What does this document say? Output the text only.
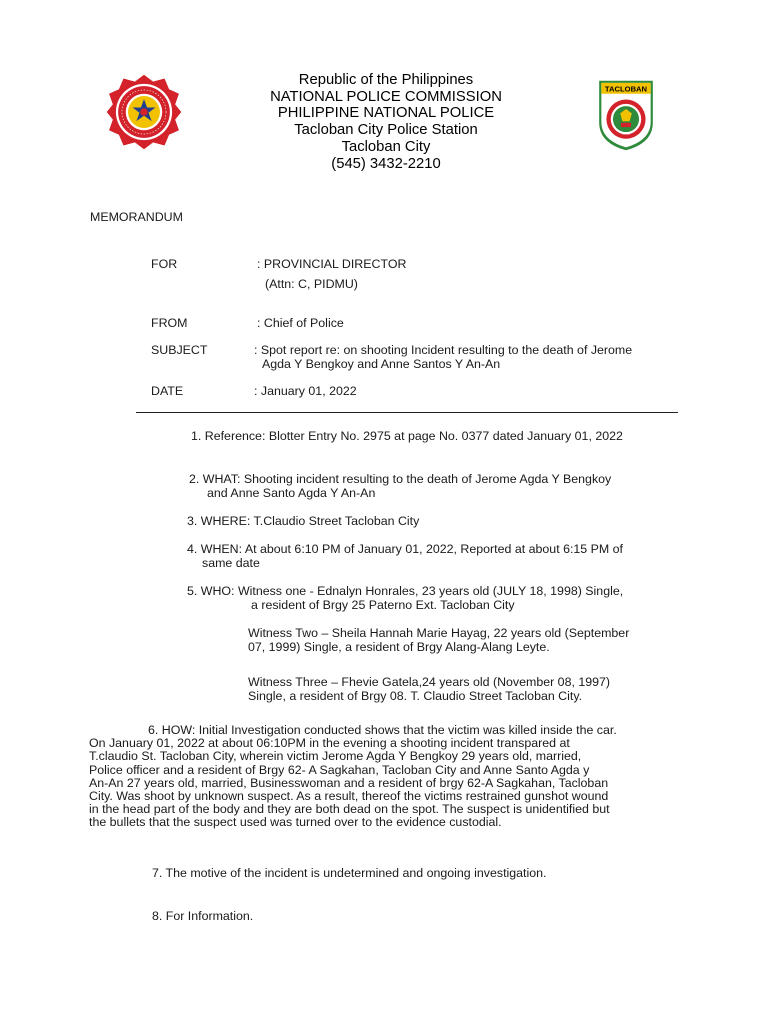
TACLOBAN
1952
Republic of the Philippines
NATIONAL POLICE COMMISSION
PHILIPPINE NATIONAL POLICE
Tacloban City Police Station
Tacloban City
(545) 3432-2210
MEMORANDUM
FOR	: PROVINCIAL DIRECTOR
(Attn: C, PIDMU)
FROM	: Chief of Police
SUBJECT	: Spot report re: on shooting Incident resulting to the death of Jerome
Agda Y Bengkoy and Anne Santos Y An-An
DATE	: January 01, 2022
1. Reference: Blotter Entry No. 2975 at page No. 0377 dated January 01, 2022
2. WHAT: Shooting incident resulting to the death of Jerome Agda Y Bengkoy
and Anne Santo Agda Y An-An
3. WHERE: T.Claudio Street Tacloban City
4. WHEN: At about 6:10 PM of January 01, 2022, Reported at about 6:15 PM of
same date
5. WHO: Witness one - Ednalyn Honrales, 23 years old (JULY 18, 1998) Single,
a resident of Brgy 25 Paterno Ext. Tacloban City
Witness Two – Sheila Hannah Marie Hayag, 22 years old (September
07, 1999) Single, a resident of Brgy Alang-Alang Leyte.
Witness Three – Fhevie Gatela,24 years old (November 08, 1997)
Single, a resident of Brgy 08. T. Claudio Street Tacloban City.
6. HOW: Initial Investigation conducted shows that the victim was killed inside the car.
On January 01, 2022 at about 06:10PM in the evening a shooting incident transpared at
T.claudio St. Tacloban City, wherein victim Jerome Agda Y Bengkoy 29 years old, married,
Police officer and a resident of Brgy 62- A Sagkahan, Tacloban City and Anne Santo Agda y
An-An 27 years old, married, Businesswoman and a resident of brgy 62-A Sagkahan, Tacloban
City. Was shoot by unknown suspect. As a result, thereof the victims restrained gunshot wound
in the head part of the body and they are both dead on the spot. The suspect is unidentified but
the bullets that the suspect used was turned over to the evidence custodial.
7. The motive of the incident is undetermined and ongoing investigation.
8. For Information.
